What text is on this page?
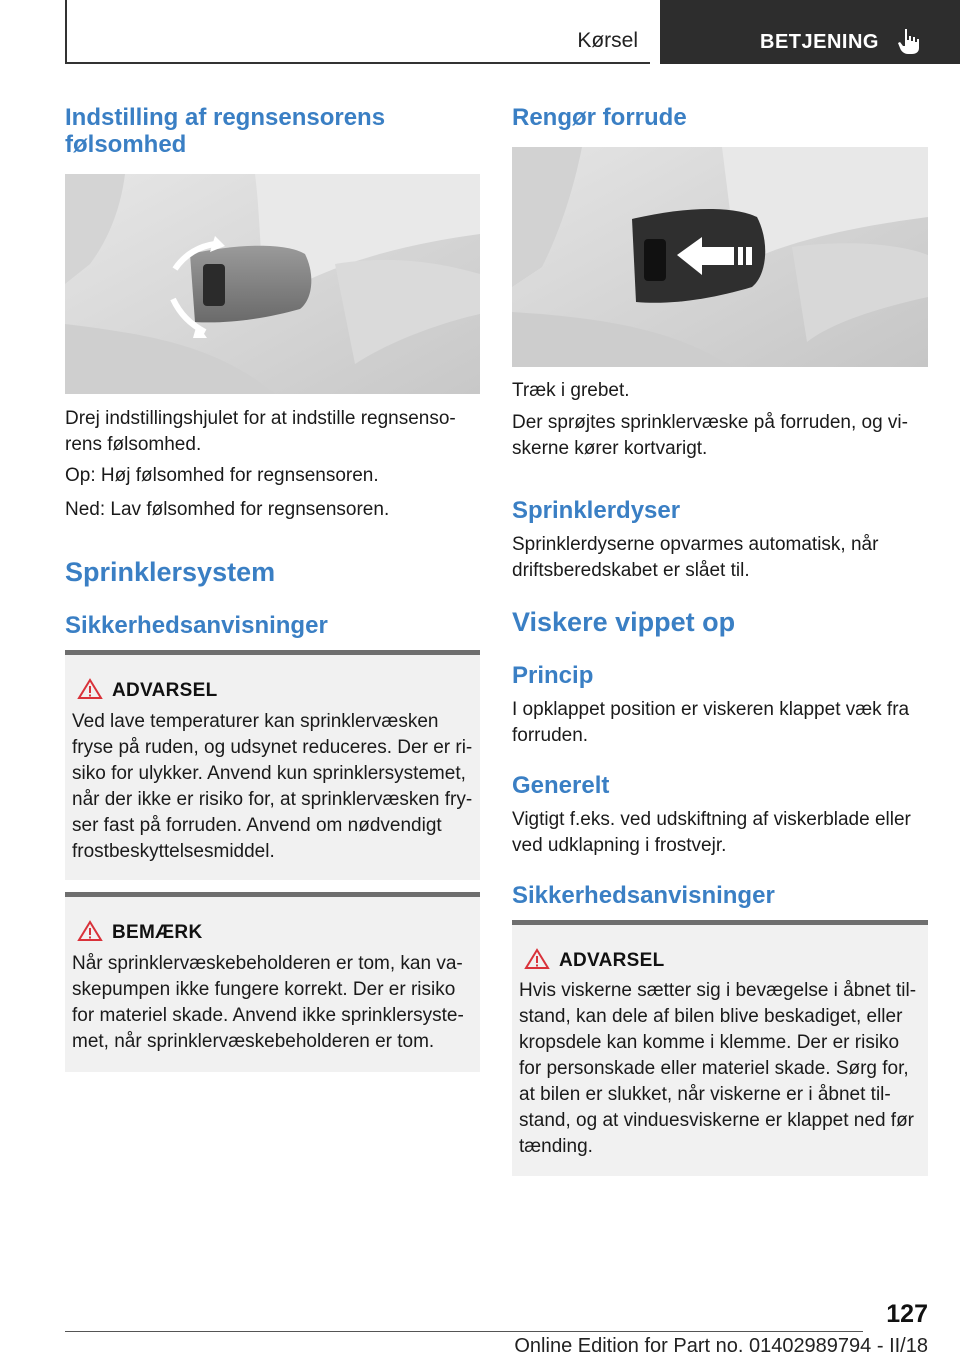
Kørsel	BETJENING
Indstilling af regnsensorens
følsomhed
Drej indstillingshjulet for at indstille regnsenso-
rens følsomhed.
Op: Høj følsomhed for regnsensoren.
Ned: Lav følsomhed for regnsensoren.
Sprinklersystem
Sikkerhedsanvisninger
ADVARSEL
Ved lave temperaturer kan sprinklervæsken
fryse på ruden, og udsynet reduceres. Der er ri-
siko for ulykker. Anvend kun sprinklersystemet,
når der ikke er risiko for, at sprinklervæsken fry-
ser fast på forruden. Anvend om nødvendigt
frostbeskyttelsesmiddel.
BEMÆRK
Når sprinklervæskebeholderen er tom, kan va-
skepumpen ikke fungere korrekt. Der er risiko
for materiel skade. Anvend ikke sprinklersyste-
met, når sprinklervæskebeholderen er tom.
Rengør forrude
Træk i grebet.
Der sprøjtes sprinklervæske på forruden, og vi-
skerne kører kortvarigt.
Sprinklerdyser
Sprinklerdyserne opvarmes automatisk, når
driftsberedskabet er slået til.
Viskere vippet op
Princip
I opklappet position er viskeren klappet væk fra
forruden.
Generelt
Vigtigt f.eks. ved udskiftning af viskerblade eller
ved udklapning i frostvejr.
Sikkerhedsanvisninger
ADVARSEL
Hvis viskerne sætter sig i bevægelse i åbnet til-
stand, kan dele af bilen blive beskadiget, eller
kropsdele kan komme i klemme. Der er risiko
for personskade eller materiel skade. Sørg for,
at bilen er slukket, når viskerne er i åbnet til-
stand, og at vinduesviskerne er klappet ned før
tænding.
127
Online Edition for Part no. 01402989794 - II/18
